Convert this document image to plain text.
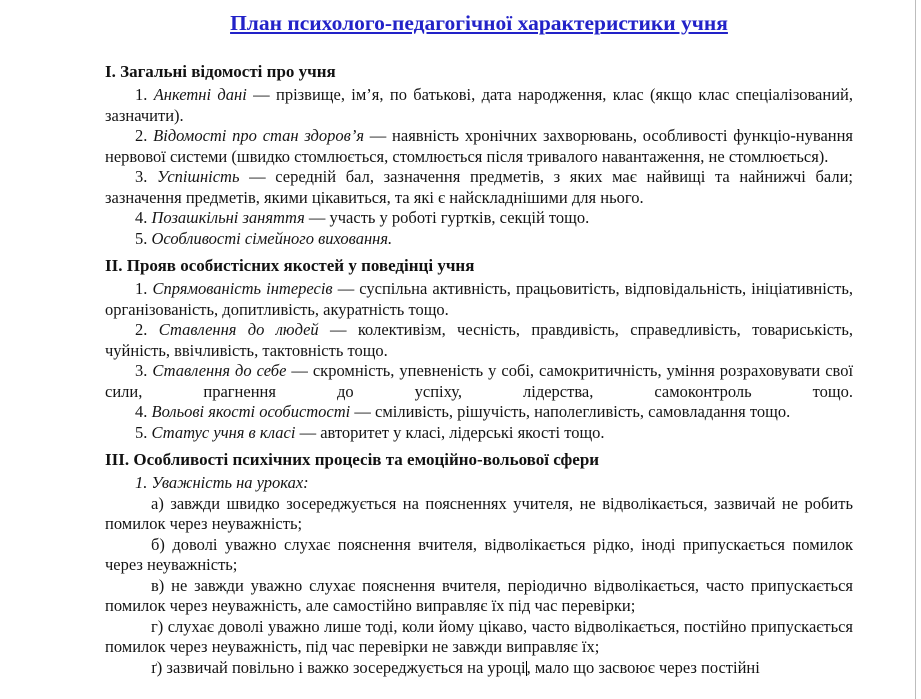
План психолого-педагогічної характеристики учня
I. Загальні відомості про учня

1. Анкетні дані — прізвище, ім’я, по батькові, дата народження, клас (якщо клас спеціалізований, зазначити).

2. Відомості про стан здоров’я — наявність хронічних захворювань, особливості функціо-нування нервової системи (швидко стомлюється, стомлюється після тривалого навантаження, не стомлюється).

3. Успішність — середній бал, зазначення предметів, з яких має найвищі та найнижчі бали; зазначення предметів, якими цікавиться, та які є найскладнішими для нього.

4. Позашкільні заняття — участь у роботі гуртків, секцій тощо.

5. Особливості сімейного виховання.

II. Прояв особистісних якостей у поведінці учня

1. Спрямованість інтересів — суспільна активність, працьовитість, відповідальність, ініціативність, організованість, допитливість, акуратність тощо.

2. Ставлення до людей — колективізм, чесність, правдивість, справедливість, товариськість, чуйність, ввічливість, тактовність тощо.

3. Ставлення до себе — скромність, упевненість у собі, самокритичність, уміння розраховувати свої сили, прагнення до успіху, лідерства, самоконтроль тощо.

4. Вольові якості особистості — сміливість, рішучість, наполегливість, самовладання тощо.

5. Статус учня в класі — авторитет у класі, лідерські якості тощо.

III. Особливості психічних процесів та емоційно-вольової сфери

1. Уважність на уроках:

а) завжди швидко зосереджується на поясненнях учителя, не відволікається, зазвичай не робить помилок через неуважність;

б) доволі уважно слухає пояснення вчителя, відволікається рідко, іноді припускається помилок через неуважність;

в) не завжди уважно слухає пояснення вчителя, періодично відволікається, часто припускається помилок через неуважність, але самостійно виправляє їх під час перевірки;

г) слухає доволі уважно лише тоді, коли йому цікаво, часто відволікається, постійно припускається помилок через неуважність, під час перевірки не завжди виправляє їх;

ґ) зазвичай повільно і важко зосереджується на уроці, мало що засвоює через постійні
